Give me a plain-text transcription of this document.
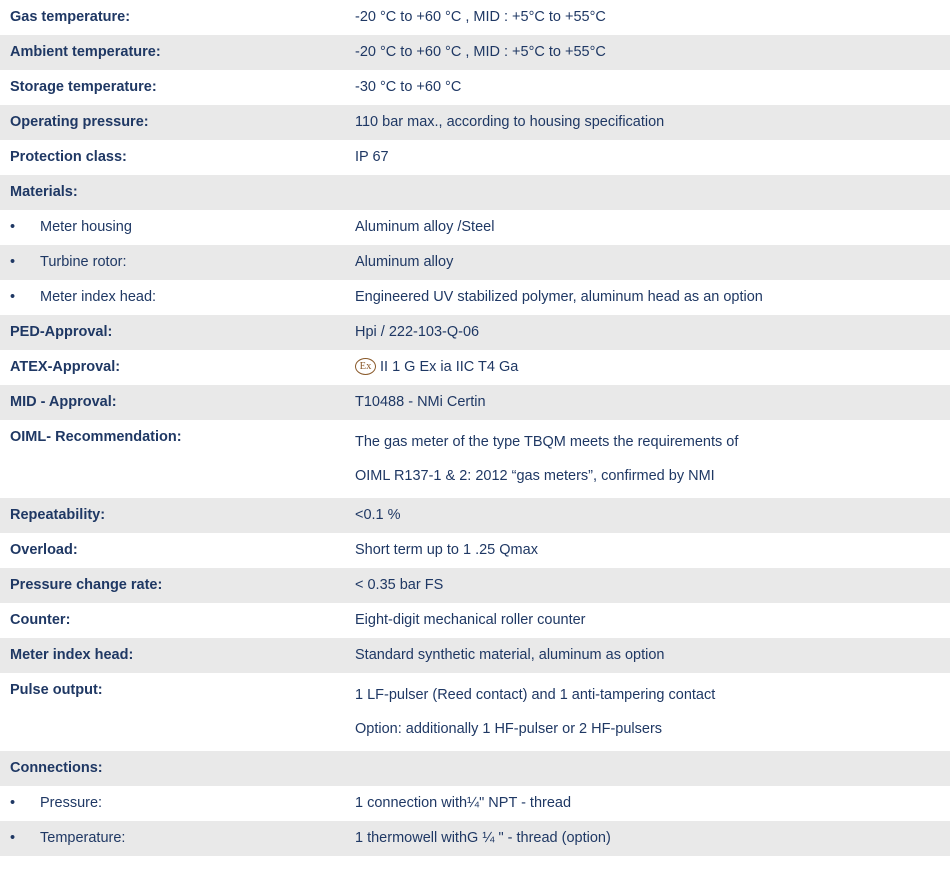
Gas temperature:	-20 °C to +60 °C , MID : +5°C to +55°C

Ambient temperature:	-20 °C to +60 °C , MID : +5°C to +55°C

Storage temperature:	-30 °C to +60 °C

Operating pressure:	110 bar max., according to housing specification

Protection class:	IP 67

Materials:	

• Meter housing	Aluminum alloy /Steel

• Turbine rotor:	Aluminum alloy

• Meter index head:	Engineered UV stabilized polymer, aluminum head as an option

PED-Approval:	Hpi / 222-103-Q-06

ATEX-Approval:	Ex II 1 G Ex ia IIC T4 Ga

MID - Approval:	T10488 - NMi Certin

OIML- Recommendation:	The gas meter of the type TBQM meets the requirements of
OIML R137-1 & 2: 2012 “gas meters”, confirmed by NMI

Repeatability:	<0.1 %

Overload:	Short term up to 1 .25 Qmax

Pressure change rate:	< 0.35 bar FS

Counter:	Eight-digit mechanical roller counter

Meter index head:	Standard synthetic material, aluminum as option

Pulse output:	1 LF-pulser (Reed contact) and 1 anti-tampering contact
Option: additionally 1 HF-pulser or 2 HF-pulsers

Connections:	

• Pressure:	1 connection with¼" NPT - thread

• Temperature:	1 thermowell withG ¼ " - thread (option)
